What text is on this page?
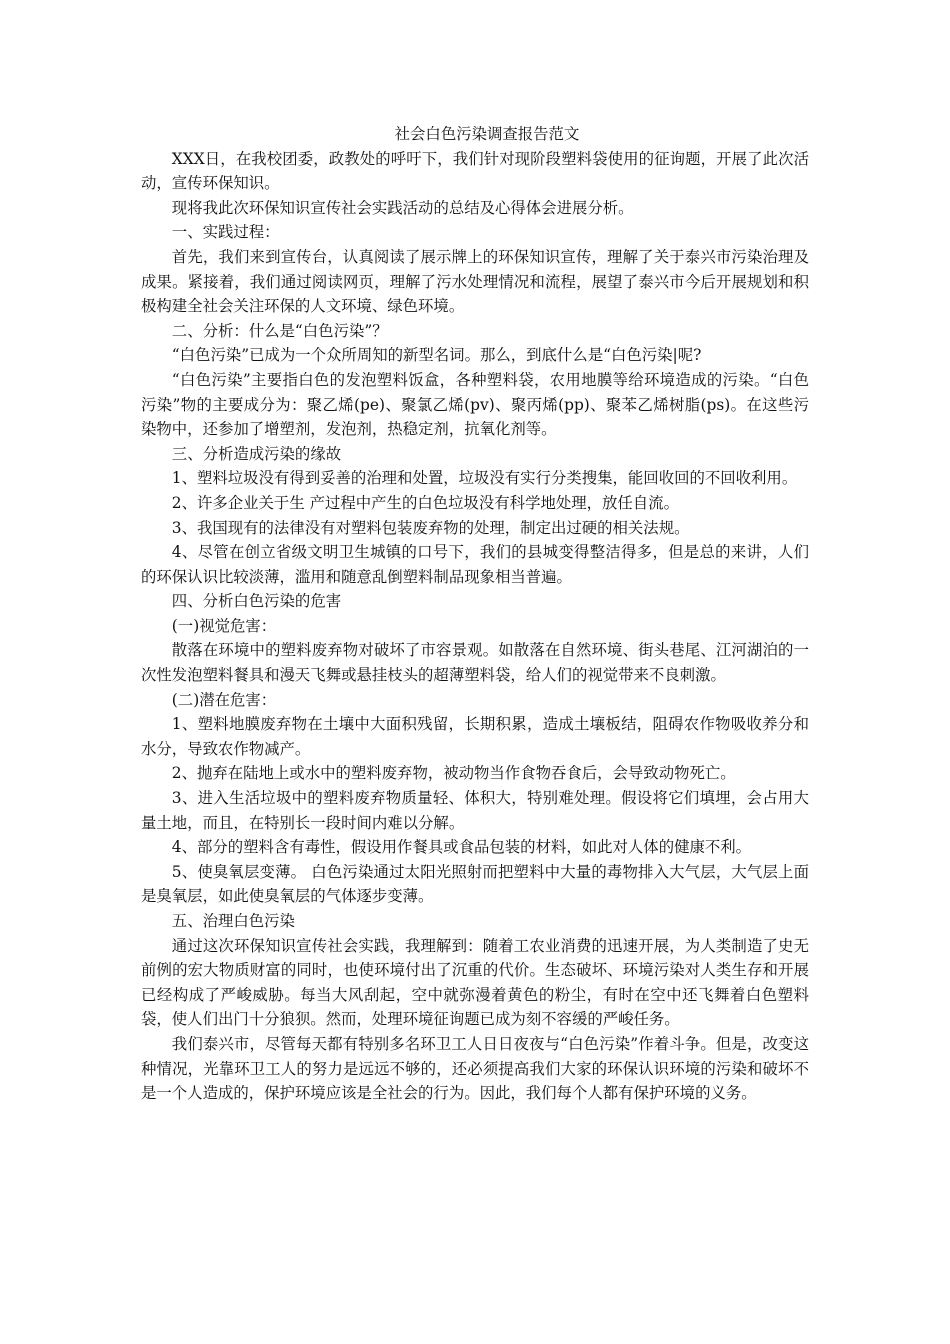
社会白色污染调查报告范文

XXX日，在我校团委，政教处的呼吁下，我们针对现阶段塑料袋使用的征询题，开展了此次活动，宣传环保知识。

现将我此次环保知识宣传社会实践活动的总结及心得体会进展分析。

一、实践过程：

首先，我们来到宣传台，认真阅读了展示牌上的环保知识宣传，理解了关于泰兴市污染治理及成果。紧接着，我们通过阅读网页，理解了污水处理情况和流程，展望了泰兴市今后开展规划和积极构建全社会关注环保的人文环境、绿色环境。

二、分析：什么是“白色污染”？

“白色污染”已成为一个众所周知的新型名词。那么，到底什么是“白色污染|呢?

“白色污染”主要指白色的发泡塑料饭盒，各种塑料袋，农用地膜等给环境造成的污染。“白色污染”物的主要成分为：聚乙烯(pe)、聚氯乙烯(pv)、聚丙烯(pp)、聚苯乙烯树脂(ps)。在这些污染物中，还参加了增塑剂，发泡剂，热稳定剂，抗氧化剂等。

三、分析造成污染的缘故

1、塑料垃圾没有得到妥善的治理和处置，垃圾没有实行分类搜集，能回收回的不回收利用。

2、许多企业关于生 产过程中产生的白色垃圾没有科学地处理，放任自流。

3、我国现有的法律没有对塑料包装废弃物的处理，制定出过硬的相关法规。

4、尽管在创立省级文明卫生城镇的口号下，我们的县城变得整洁得多，但是总的来讲，人们的环保认识比较淡薄，滥用和随意乱倒塑料制品现象相当普遍。

四、分析白色污染的危害

(一)视觉危害：

散落在环境中的塑料废弃物对破坏了市容景观。如散落在自然环境、街头巷尾、江河湖泊的一次性发泡塑料餐具和漫天飞舞或悬挂枝头的超薄塑料袋，给人们的视觉带来不良刺激。

(二)潜在危害：

1、塑料地膜废弃物在土壤中大面积残留，长期积累，造成土壤板结，阻碍农作物吸收养分和水分，导致农作物减产。

2、抛弃在陆地上或水中的塑料废弃物，被动物当作食物吞食后，会导致动物死亡。

3、进入生活垃圾中的塑料废弃物质量轻、体积大，特别难处理。假设将它们填埋，会占用大量土地，而且，在特别长一段时间内难以分解。

4、部分的塑料含有毒性，假设用作餐具或食品包装的材料，如此对人体的健康不利。

5、使臭氧层变薄。 白色污染通过太阳光照射而把塑料中大量的毒物排入大气层，大气层上面是臭氧层，如此使臭氧层的气体逐步变薄。

五、治理白色污染

通过这次环保知识宣传社会实践，我理解到：随着工农业消费的迅速开展，为人类制造了史无前例的宏大物质财富的同时，也使环境付出了沉重的代价。生态破坏、环境污染对人类生存和开展已经构成了严峻威胁。每当大风刮起，空中就弥漫着黄色的粉尘，有时在空中还飞舞着白色塑料袋，使人们出门十分狼狈。然而，处理环境征询题已成为刻不容缓的严峻任务。

我们泰兴市，尽管每天都有特别多名环卫工人日日夜夜与“白色污染”作着斗争。但是，改变这种情况，光靠环卫工人的努力是远远不够的，还必须提高我们大家的环保认识环境的污染和破坏不是一个人造成的，保护环境应该是全社会的行为。因此，我们每个人都有保护环境的义务。
